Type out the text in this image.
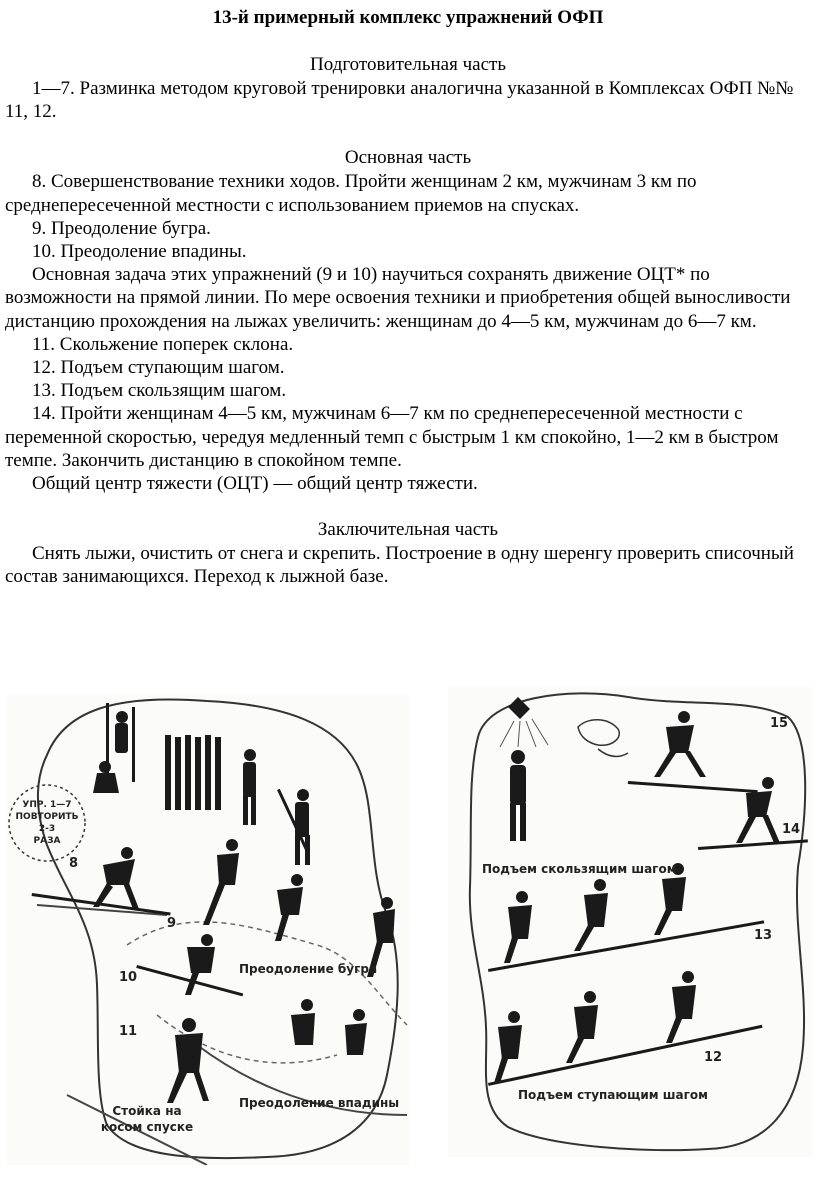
13-й примерный комплекс упражнений ОФП
Подготовительная часть

1—7. Разминка методом круговой тренировки аналогична указанной в Комплексах ОФП №№ 11, 12.

Основная часть

8. Совершенствование техники ходов. Пройти женщинам 2 км, мужчинам 3 км по среднепересеченной местности с использованием приемов на спусках.

9. Преодоление бугра.

10. Преодоление впадины.

Основная задача этих упражнений (9 и 10) научиться сохранять движение ОЦТ* по возможности на прямой линии. По мере освоения техники и приобретения общей выносливости дистанцию прохождения на лыжах увеличить: женщинам до 4—5 км, мужчинам до 6—7 км.

11. Скольжение поперек склона.

12. Подъем ступающим шагом.

13. Подъем скользящим шагом.

14. Пройти женщинам 4—5 км, мужчинам 6—7 км по среднепересеченной местности с переменной скоростью, чередуя медленный темп с быстрым 1 км спокойно, 1—2 км в быстром темпе. Закончить дистанцию в спокойном темпе.

Общий центр тяжести (ОЦТ) — общий центр тяжести.

Заключительная часть

Снять лыжи, очистить от снега и скрепить. Построение в одну шеренгу проверить списочный состав занимающихся. Переход к лыжной базе.

УПР. 1—7
ПОВТОРИТЬ
2-3
РАЗА
8
9
10
11
Преодоление бугра
Преодоление впадины
Стойка на
косом спуске
15
14
13
12
Подъем скользящим шагом
Подъем ступающим шагом
